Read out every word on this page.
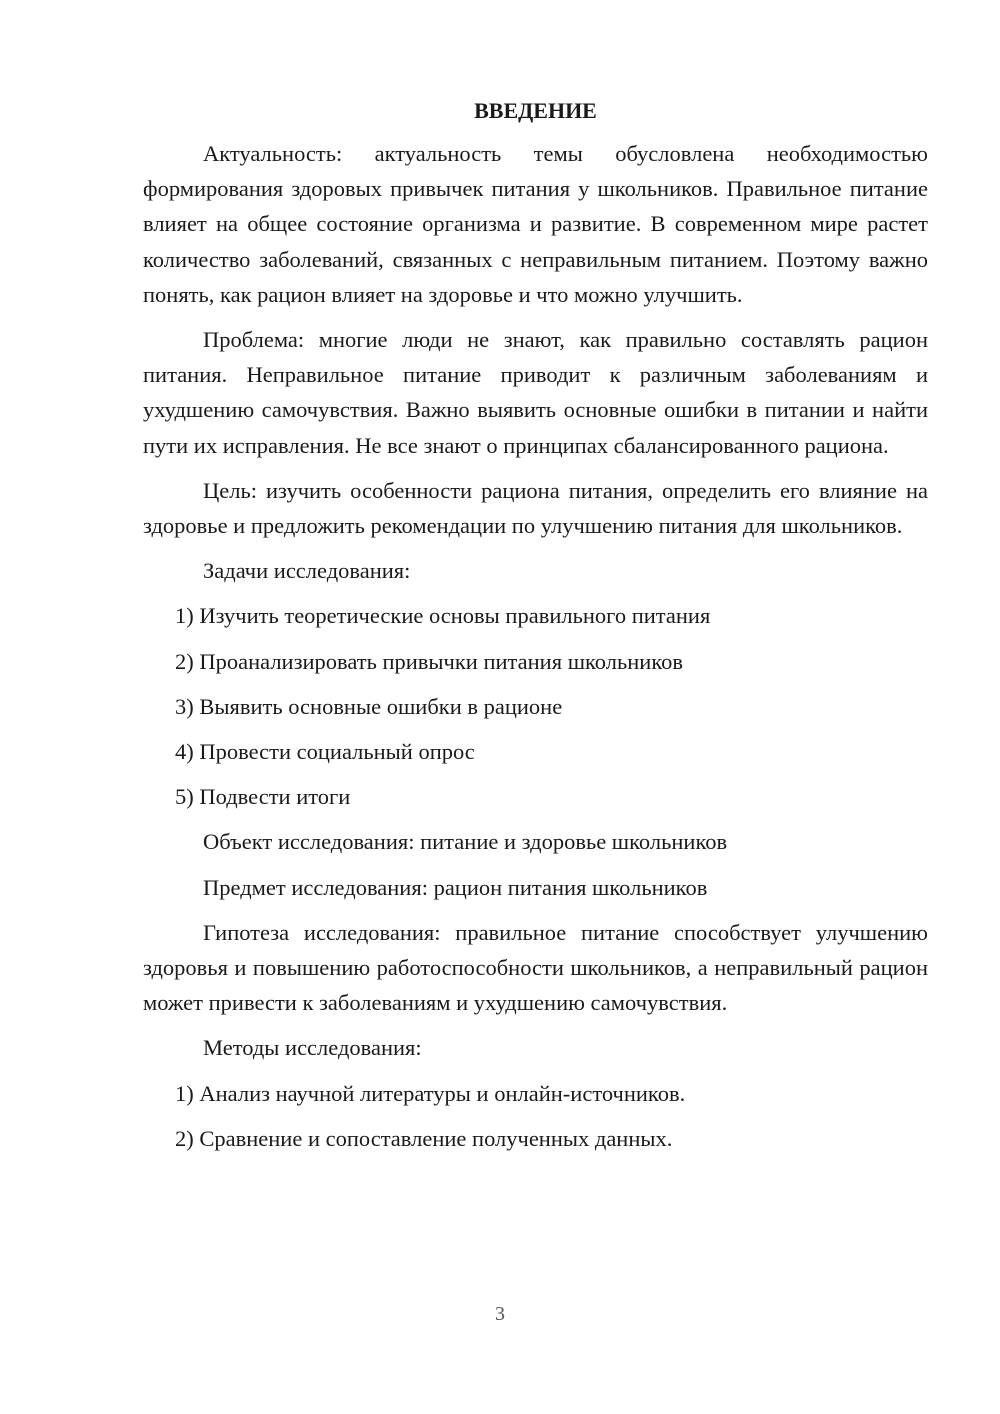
ВВЕДЕНИЕ

Актуальность: актуальность темы обусловлена необходимостью формирования здоровых привычек питания у школьников. Правильное питание влияет на общее состояние организма и развитие. В современном мире растет количество заболеваний, связанных с неправильным питанием. Поэтому важно понять, как рацион влияет на здоровье и что можно улучшить.

Проблема: многие люди не знают, как правильно составлять рацион питания. Неправильное питание приводит к различным заболеваниям и ухудшению самочувствия. Важно выявить основные ошибки в питании и найти пути их исправления. Не все знают о принципах сбалансированного рациона.

Цель: изучить особенности рациона питания, определить его влияние на здоровье и предложить рекомендации по улучшению питания для школьников.

Задачи исследования:

1) Изучить теоретические основы правильного питания

2) Проанализировать привычки питания школьников

3) Выявить основные ошибки в рационе

4) Провести социальный опрос

5) Подвести итоги

Объект исследования: питание и здоровье школьников

Предмет исследования: рацион питания школьников

Гипотеза исследования: правильное питание способствует улучшению здоровья и повышению работоспособности школьников, а неправильный рацион может привести к заболеваниям и ухудшению самочувствия.

Методы исследования:

1) Анализ научной литературы и онлайн-источников.

2) Сравнение и сопоставление полученных данных.

3
